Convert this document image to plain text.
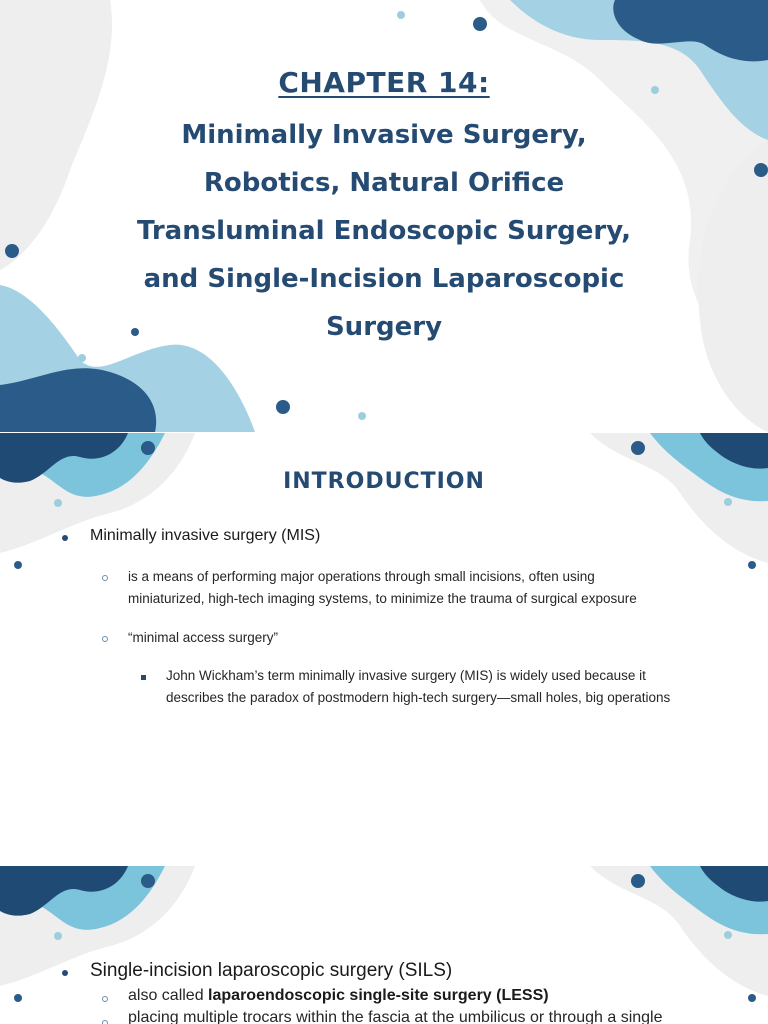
CHAPTER 14:
Minimally Invasive Surgery,
Robotics, Natural Orifice
Transluminal Endoscopic Surgery,
and Single-Incision Laparoscopic
Surgery
INTRODUCTION
Minimally invasive surgery (MIS)
is a means of performing major operations through small incisions, often using
miniaturized, high-tech imaging systems, to minimize the trauma of surgical exposure
“minimal access surgery”
John Wickham’s term minimally invasive surgery (MIS) is widely used because it
describes the paradox of postmodern high-tech surgery—small holes, big operations
Single-incision laparoscopic surgery (SILS)
also called laparoendoscopic single-site surgery (LESS)
placing multiple trocars within the fascia at the umbilicus or through a single
